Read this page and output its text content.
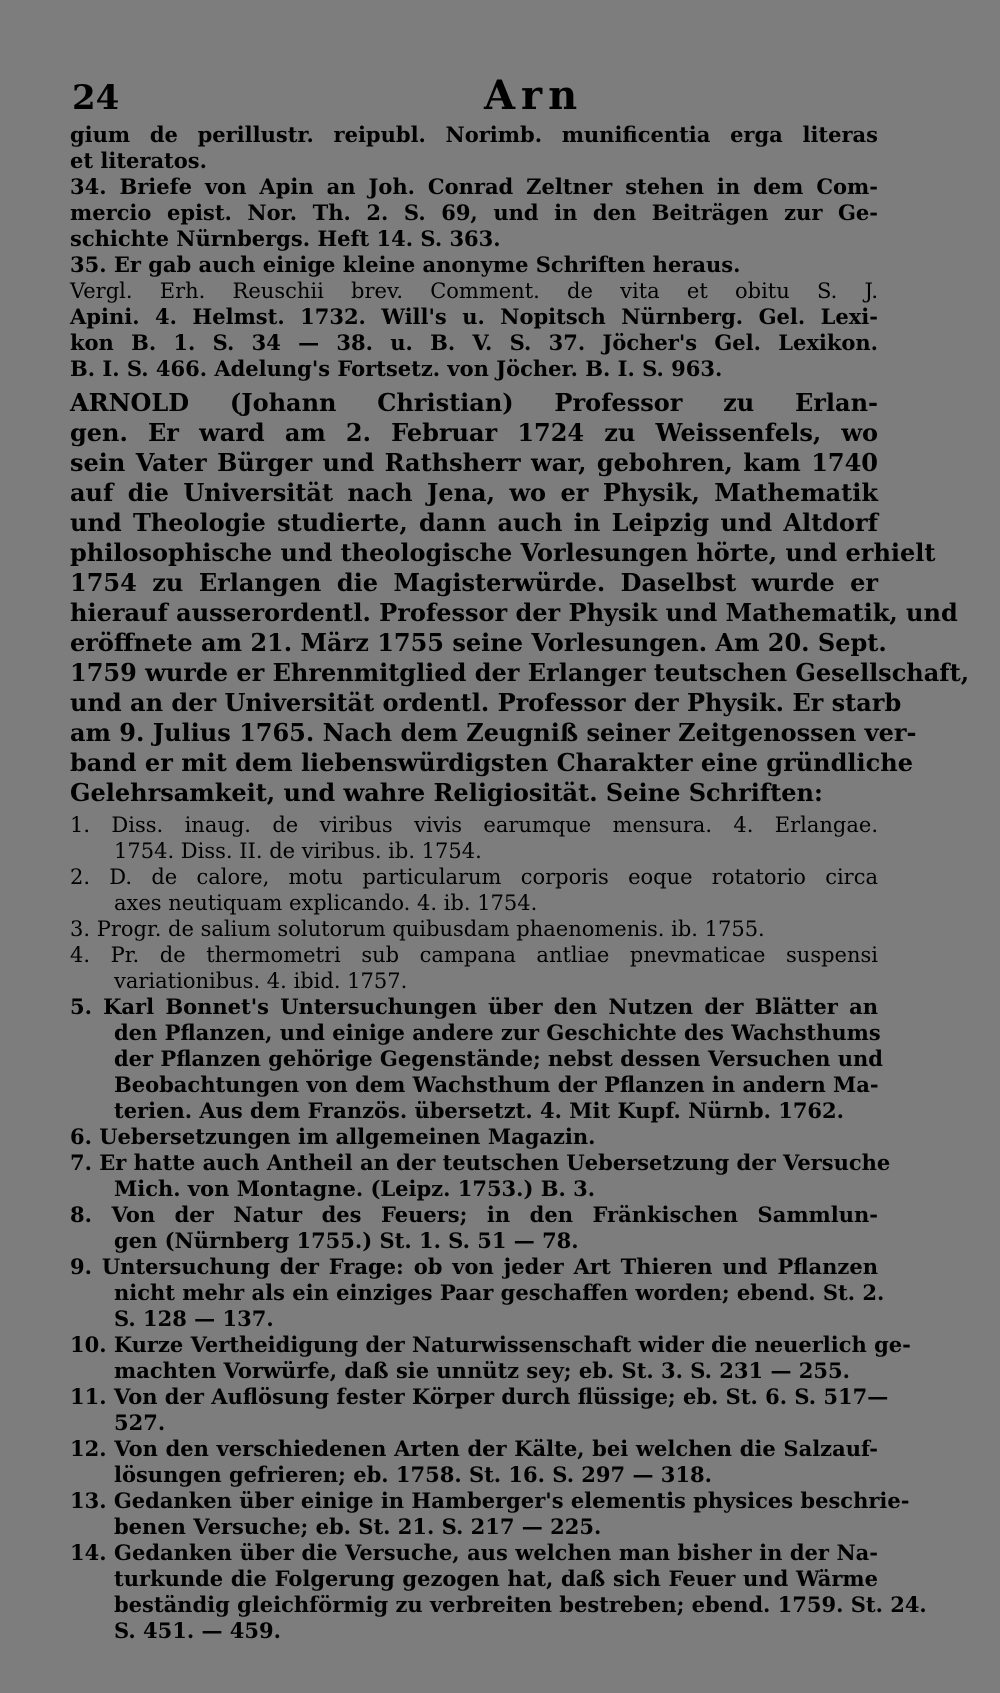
24	Arn
gium de perillustr. reipubl. Norimb. munificentia erga literas
et literatos.
34. Briefe von Apin an Joh. Conrad Zeltner stehen in dem Com-
mercio epist. Nor. Th. 2. S. 69, und in den Beiträgen zur Ge-
schichte Nürnbergs. Heft 14. S. 363.
35. Er gab auch einige kleine anonyme Schriften heraus.
Vergl. Erh. Reuschii brev. Comment. de vita et obitu S. J.
Apini. 4. Helmst. 1732. Will's u. Nopitsch Nürnberg. Gel. Lexi-
kon B. 1. S. 34 — 38. u. B. V. S. 37. Jöcher's Gel. Lexikon.
B. I. S. 466. Adelung's Fortsetz. von Jöcher. B. I. S. 963.
ARNOLD (Johann Christian) Professor zu Erlan-
gen. Er ward am 2. Februar 1724 zu Weissenfels, wo
sein Vater Bürger und Rathsherr war, gebohren, kam 1740
auf die Universität nach Jena, wo er Physik, Mathematik
und Theologie studierte, dann auch in Leipzig und Altdorf
philosophische und theologische Vorlesungen hörte, und erhielt
1754 zu Erlangen die Magisterwürde. Daselbst wurde er
hierauf ausserordentl. Professor der Physik und Mathematik, und
eröffnete am 21. März 1755 seine Vorlesungen. Am 20. Sept.
1759 wurde er Ehrenmitglied der Erlanger teutschen Gesellschaft,
und an der Universität ordentl. Professor der Physik. Er starb
am 9. Julius 1765. Nach dem Zeugniß seiner Zeitgenossen ver-
band er mit dem liebenswürdigsten Charakter eine gründliche
Gelehrsamkeit, und wahre Religiosität. Seine Schriften:
1. Diss. inaug. de viribus vivis earumque mensura. 4. Erlangae.
1754. Diss. II. de viribus. ib. 1754.
2. D. de calore, motu particularum corporis eoque rotatorio circa
axes neutiquam explicando. 4. ib. 1754.
3. Progr. de salium solutorum quibusdam phaenomenis. ib. 1755.
4. Pr. de thermometri sub campana antliae pnevmaticae suspensi
variationibus. 4. ibid. 1757.
5. Karl Bonnet's Untersuchungen über den Nutzen der Blätter an
den Pflanzen, und einige andere zur Geschichte des Wachsthums
der Pflanzen gehörige Gegenstände; nebst dessen Versuchen und
Beobachtungen von dem Wachsthum der Pflanzen in andern Ma-
terien. Aus dem Französ. übersetzt. 4. Mit Kupf. Nürnb. 1762.
6. Uebersetzungen im allgemeinen Magazin.
7. Er hatte auch Antheil an der teutschen Uebersetzung der Versuche
Mich. von Montagne. (Leipz. 1753.) B. 3.
8. Von der Natur des Feuers; in den Fränkischen Sammlun-
gen (Nürnberg 1755.) St. 1. S. 51 — 78.
9. Untersuchung der Frage: ob von jeder Art Thieren und Pflanzen
nicht mehr als ein einziges Paar geschaffen worden; ebend. St. 2.
S. 128 — 137.
10. Kurze Vertheidigung der Naturwissenschaft wider die neuerlich ge-
machten Vorwürfe, daß sie unnütz sey; eb. St. 3. S. 231 — 255.
11. Von der Auflösung fester Körper durch flüssige; eb. St. 6. S. 517—
527.
12. Von den verschiedenen Arten der Kälte, bei welchen die Salzauf-
lösungen gefrieren; eb. 1758. St. 16. S. 297 — 318.
13. Gedanken über einige in Hamberger's elementis physices beschrie-
benen Versuche; eb. St. 21. S. 217 — 225.
14. Gedanken über die Versuche, aus welchen man bisher in der Na-
turkunde die Folgerung gezogen hat, daß sich Feuer und Wärme
beständig gleichförmig zu verbreiten bestreben; ebend. 1759. St. 24.
S. 451. — 459.
